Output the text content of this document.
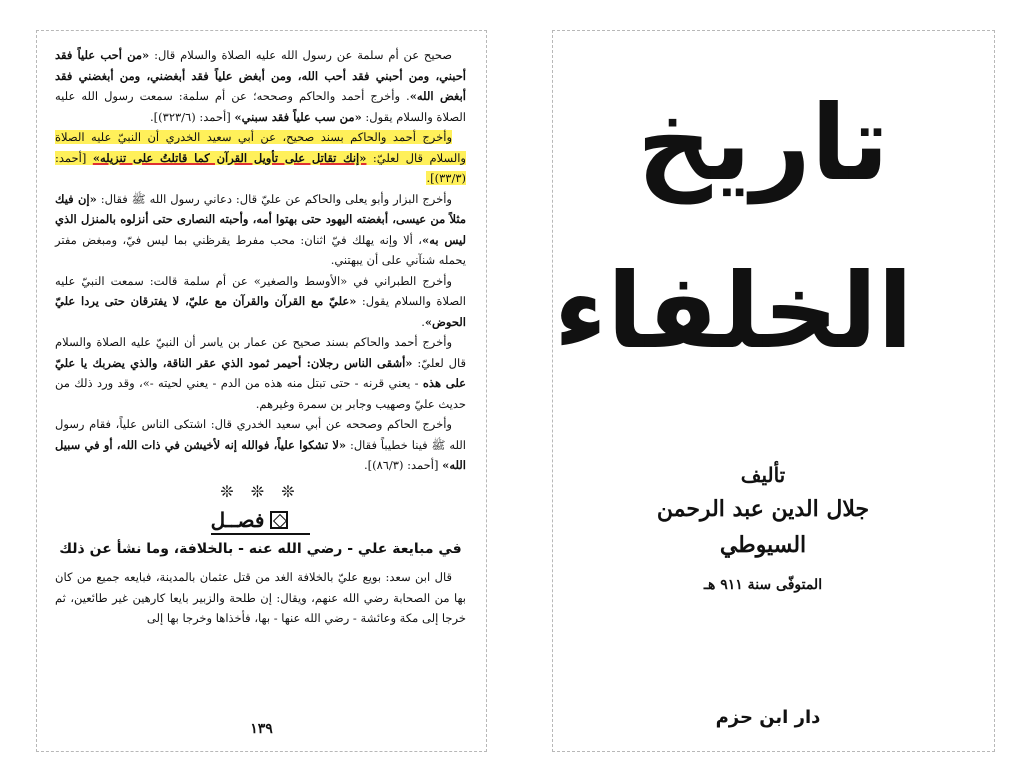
صحيح عن أم سلمة عن رسول الله عليه الصلاة والسلام قال: «من أحب علياً فقد أحبني، ومن أحبني فقد أحب الله، ومن أبغض علياً فقد أبغضني، ومن أبغضني فقد أبغض الله». وأخرج أحمد والحاكم وصححه؛ عن أم سلمة: سمعت رسول الله عليه الصلاة والسلام يقول: «من سب علياً فقد سبني» [أحمد: (٣٢٣/٦)].

وأخرج أحمد والحاكم بسند صحيح، عن أبي سعيد الخدري أن النبيّ عليه الصلاة والسلام قال لعليّ: «إنك تقاتل على تأويل القرآن كما قاتلتُ على تنزيله» [أحمد: (٣٣/٣)].

وأخرج البزار وأبو يعلى والحاكم عن عليّ قال: دعاني رسول الله ﷺ فقال: «إن فيك مثلاً من عيسى، أبغضته اليهود حتى بهتوا أمه، وأحبته النصارى حتى أنزلوه بالمنزل الذي ليس به»، ألا وإنه يهلك فيّ اثنان: محب مفرط يقرظني بما ليس فيّ، ومبغض مفتر يحمله شنآني على أن يبهتني.

وأخرج الطبراني في «الأوسط والصغير» عن أم سلمة قالت: سمعت النبيّ عليه الصلاة والسلام يقول: «عليّ مع القرآن والقرآن مع عليّ، لا يفترقان حتى يردا عليّ الحوض».

وأخرج أحمد والحاكم بسند صحيح عن عمار بن ياسر أن النبيّ عليه الصلاة والسلام قال لعليّ: «أشقى الناس رجلان: أحيمر ثمود الذي عقر الناقة، والذي يضربك يا عليّ على هذه - يعني قرنه - حتى تبتل منه هذه من الدم - يعني لحيته -»، وقد ورد ذلك من حديث عليّ وصهيب وجابر بن سمرة وغيرهم.

وأخرج الحاكم وصححه عن أبي سعيد الخدري قال: اشتكى الناس علياً، فقام رسول الله ﷺ فينا خطيباً فقال: «لا تشكوا علياً، فوالله إنه لأخيشن في ذات الله، أو في سبيل الله» [أحمد: (٨٦/٣)].

❊ ❊ ❊
فصــل
في مبايعة علي - رضي الله عنه - بالخلافة، وما نشأ عن ذلك

قال ابن سعد: بويع عليّ بالخلافة الغد من قتل عثمان بالمدينة، فبايعه جميع من كان بها من الصحابة رضي الله عنهم، ويقال: إن طلحة والزبير بايعا كارهين غير طائعين، ثم خرجا إلى مكة وعائشة - رضي الله عنها - بها، فأخذاها وخرجا بها إلى

١٣٩
تاريخ
الخلفاء
تأليف
جلال الدين عبد الرحمن
السيوطي
المتوفّى سنة ٩١١ هـ
دار ابن حزم
